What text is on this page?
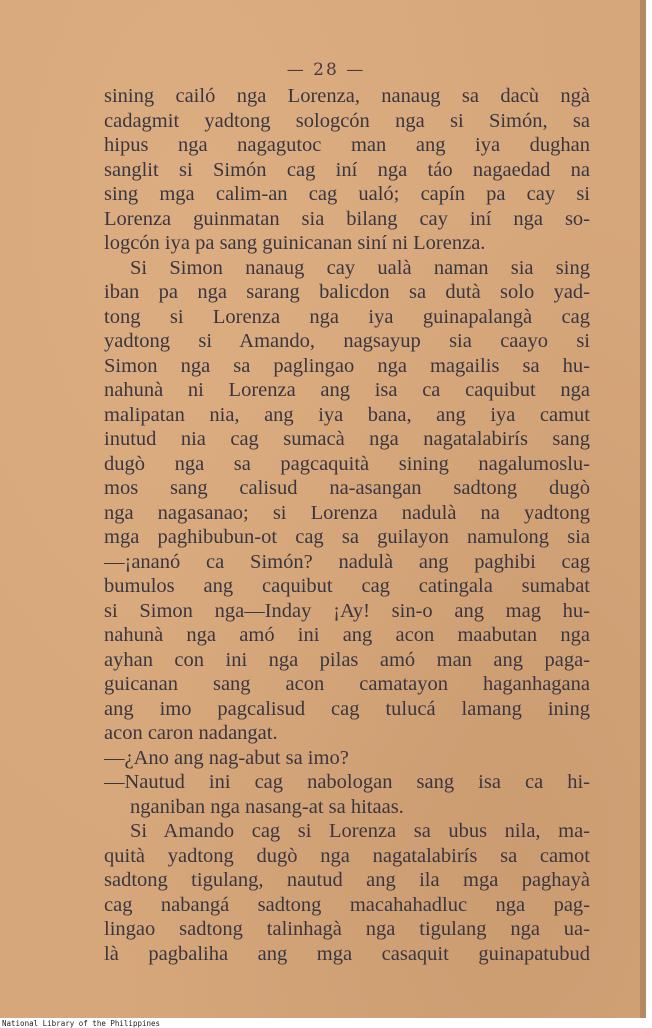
— 28 —
sining cailó nga Lorenza, nanaug sa dacù ngà
cadagmit yadtong sologcón nga si Simón, sa
hipus nga nagagutoc man ang iya dughan
sanglit si Simón cag iní nga táo nagaedad na
sing mga calim-an cag ualó; capín pa cay si
Lorenza guinmatan sia bilang cay iní nga so-
logcón iya pa sang guinicanan siní ni Lorenza.
Si Simon nanaug cay ualà naman sia sing
iban pa nga sarang balicdon sa dutà solo yad-
tong si Lorenza nga iya guinapalangà cag
yadtong si Amando, nagsayup sia caayo si
Simon nga sa paglingao nga magailis sa hu-
nahunà ni Lorenza ang isa ca caquibut nga
malipatan nia, ang iya bana, ang iya camut
inutud nia cag sumacà nga nagatalabirís sang
dugò nga sa pagcaquità sining nagalumoslu-
mos sang calisud na-asangan sadtong dugò
nga nagasanao; si Lorenza nadulà na yadtong
mga paghibubun-ot cag sa guilayon namulong sia
—¡ananó ca Simón? nadulà ang paghibi cag
bumulos ang caquibut cag catingala sumabat
si Simon nga—Inday ¡Ay! sin-o ang mag hu-
nahunà nga amó ini ang acon maabutan nga
ayhan con ini nga pilas amó man ang paga-
guicanan sang acon camatayon haganhagana
ang imo pagcalisud cag tulucá lamang ining
acon caron nadangat.
—¿Ano ang nag-abut sa imo?
—Nautud ini cag nabologan sang isa ca hi-
nganiban nga nasang-at sa hitaas.
Si Amando cag si Lorenza sa ubus nila, ma-
quità yadtong dugò nga nagatalabirís sa camot
sadtong tigulang, nautud ang ila mga paghayà
cag nabangá sadtong macahahadluc nga pag-
lingao sadtong talinhagà nga tigulang nga ua-
là pagbaliha ang mga casaquit guinapatubud
National Library of the Philippines
